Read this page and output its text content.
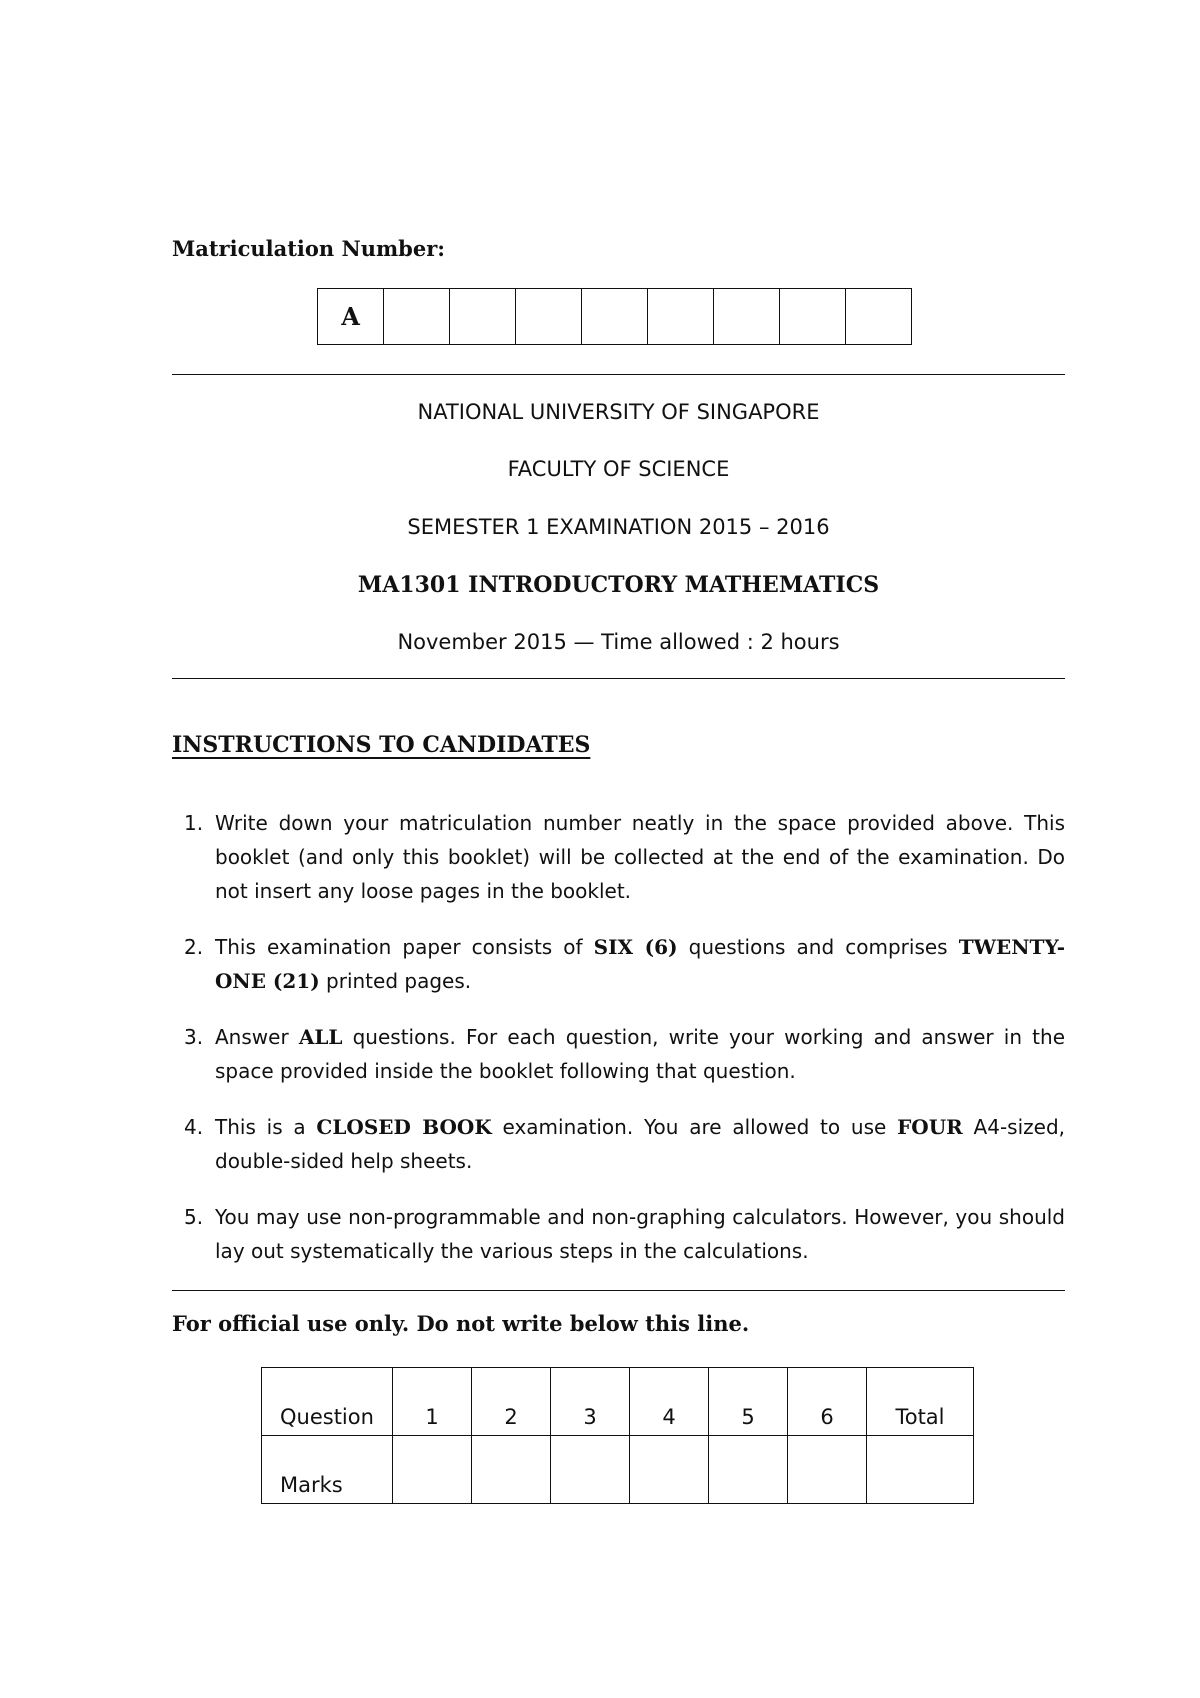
Matriculation Number:
A								
NATIONAL UNIVERSITY OF SINGAPORE
FACULTY OF SCIENCE
SEMESTER 1 EXAMINATION 2015 – 2016
MA1301 INTRODUCTORY MATHEMATICS
November 2015 — Time allowed : 2 hours
INSTRUCTIONS TO CANDIDATES
1. Write down your matriculation number neatly in the space provided above. This booklet (and only this booklet) will be collected at the end of the examination. Do not insert any loose pages in the booklet.
2. This examination paper consists of SIX (6) questions and comprises TWENTY-ONE (21) printed pages.
3. Answer ALL questions. For each question, write your working and answer in the space provided inside the booklet following that question.
4. This is a CLOSED BOOK examination. You are allowed to use FOUR A4-sized, double-sided help sheets.
5. You may use non-programmable and non-graphing calculators. However, you should lay out systematically the various steps in the calculations.
For official use only. Do not write below this line.
Question	1	2	3	4	5	6	Total
Marks							
